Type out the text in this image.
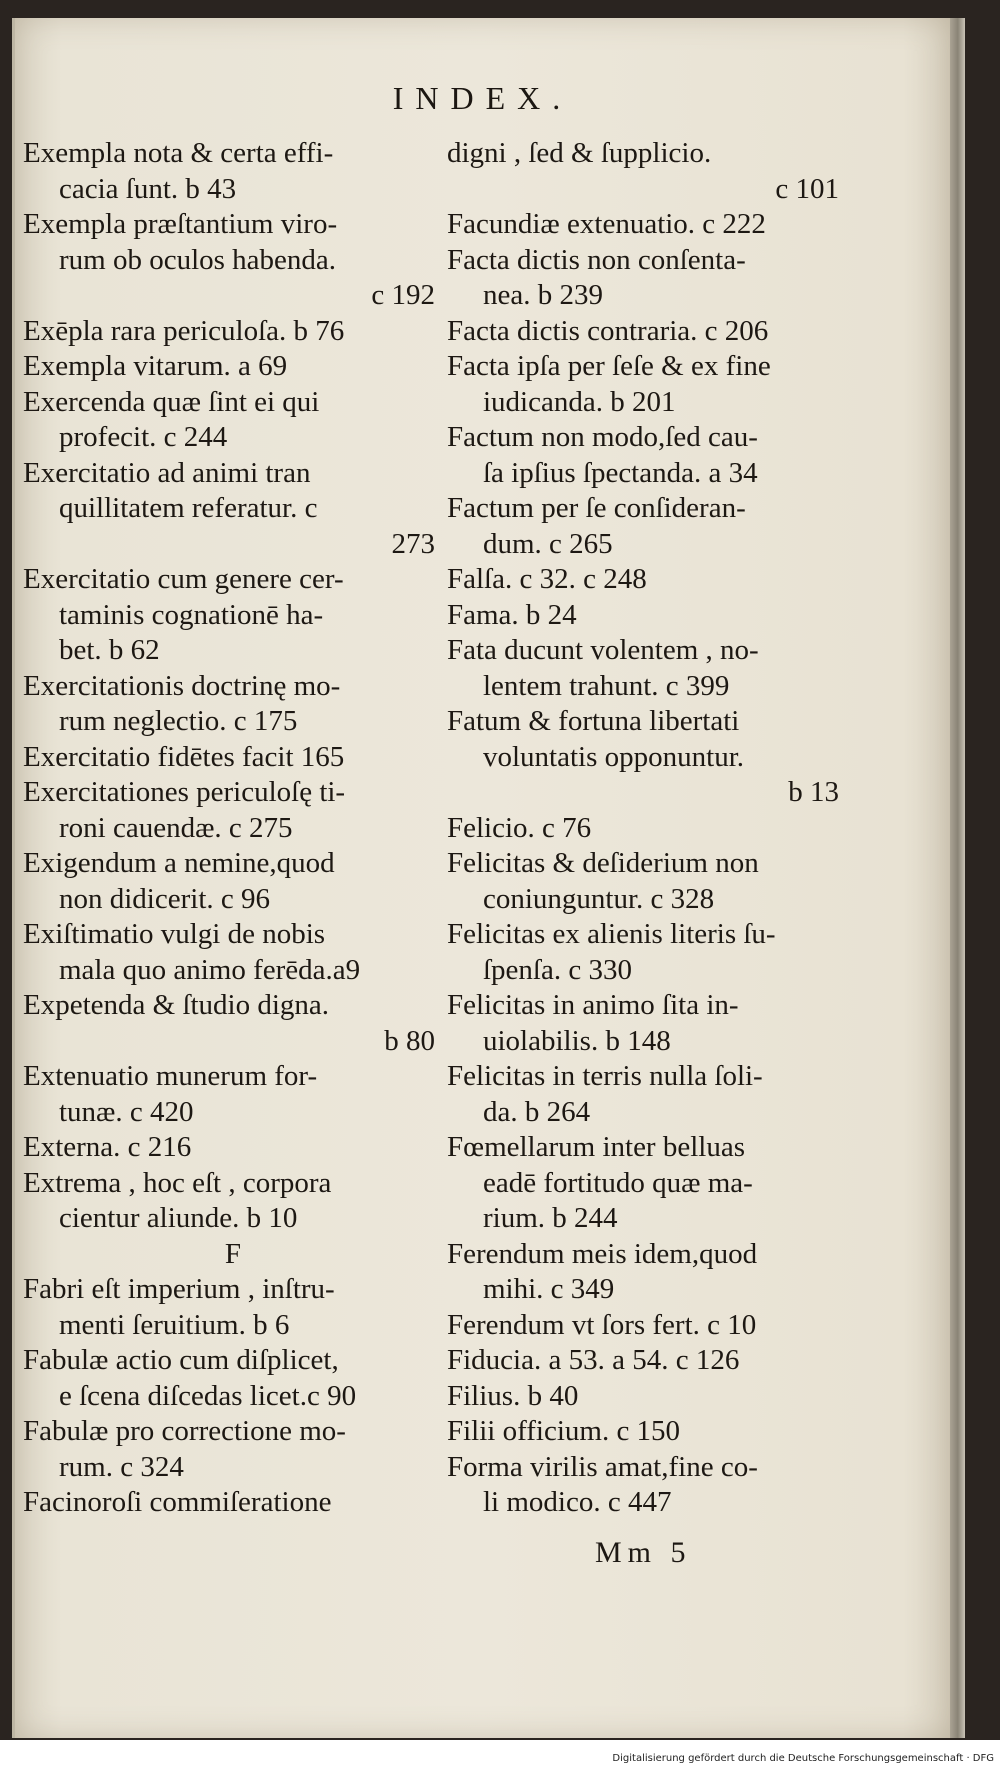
INDEX.
Exempla nota & certa effi-
cacia ſunt. b 43
Exempla præſtantium viro-
rum ob oculos habenda.
c 192
Exēpla rara periculoſa. b 76
Exempla vitarum. a 69
Exercenda quæ ſint ei qui
profecit. c 244
Exercitatio ad animi tran
quillitatem referatur. c
273
Exercitatio cum genere cer-
taminis cognationē ha-
bet. b 62
Exercitationis doctrinę mo-
rum neglectio. c 175
Exercitatio fidētes facit 165
Exercitationes periculoſę ti-
roni cauendæ. c 275
Exigendum a nemine,quod
non didicerit. c 96
Exiſtimatio vulgi de nobis
mala quo animo ferēda.a9
Expetenda & ſtudio digna.
b 80
Extenuatio munerum for-
tunæ. c 420
Externa. c 216
Extrema , hoc eſt , corpora
cientur aliunde. b 10
F
Fabri eſt imperium , inſtru-
menti ſeruitium. b 6
Fabulæ actio cum diſplicet,
e ſcena diſcedas licet.c 90
Fabulæ pro correctione mo-
rum. c 324
Facinoroſi commiſeratione
digni , ſed & ſupplicio.
c 101
Facundiæ extenuatio. c 222
Facta dictis non conſenta-
nea. b 239
Facta dictis contraria. c 206
Facta ipſa per ſeſe & ex fine
iudicanda. b 201
Factum non modo,ſed cau-
ſa ipſius ſpectanda. a 34
Factum per ſe conſideran-
dum. c 265
Falſa. c 32. c 248
Fama. b 24
Fata ducunt volentem , no-
lentem trahunt. c 399
Fatum & fortuna libertati
voluntatis opponuntur.
b 13
Felicio. c 76
Felicitas & deſiderium non
coniunguntur. c 328
Felicitas ex alienis literis ſu-
ſpenſa. c 330
Felicitas in animo ſita in-
uiolabilis. b 148
Felicitas in terris nulla ſoli-
da. b 264
Fœmellarum inter belluas
eadē fortitudo quæ ma-
rium. b 244
Ferendum meis idem,quod
mihi. c 349
Ferendum vt ſors fert. c 10
Fiducia. a 53. a 54. c 126
Filius. b 40
Filii officium. c 150
Forma virilis amat,fine co-
li modico. c 447
Mm 5
Digitalisierung gefördert durch die Deutsche Forschungsgemeinschaft · DFG
